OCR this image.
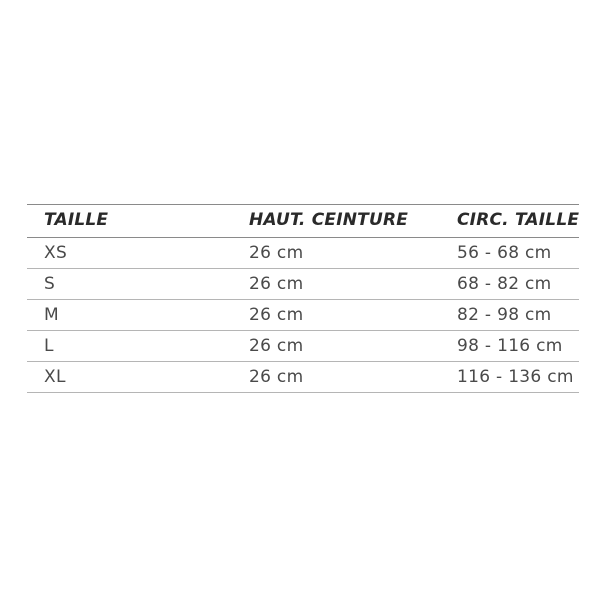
TAILLE	HAUT. CEINTURE	CIRC. TAILLE
XS	26 cm	56 - 68 cm
S	26 cm	68 - 82 cm
M	26 cm	82 - 98 cm
L	26 cm	98 - 116 cm
XL	26 cm	116 - 136 cm
